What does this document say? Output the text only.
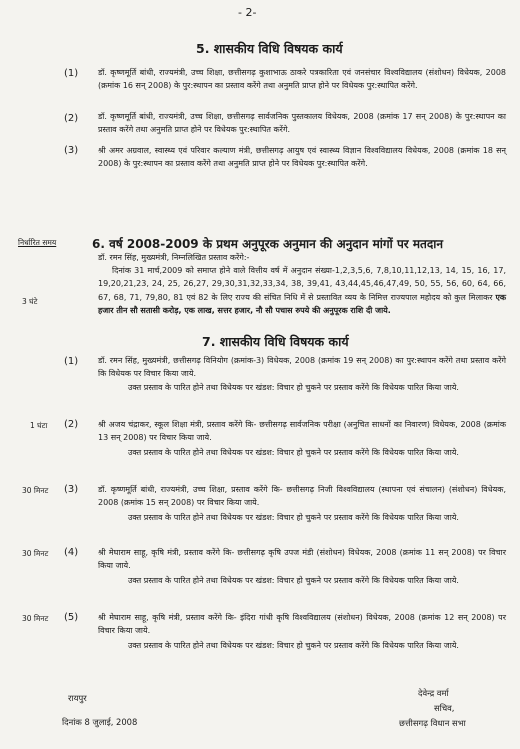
- 2-
5. शासकीय विधि विषयक कार्य
(1) डॉ. कृष्णमूर्ति बांधी, राज्यमंत्री, उच्च शिक्षा, छत्तीसगढ़ कुशाभाऊ ठाकरे पत्रकारिता एवं जनसंचार विश्वविद्यालय (संशोधन) विधेयक, 2008 (क्रमांक 16 सन् 2008) के पुर:स्थापन का प्रस्ताव करेंगे तथा अनुमति प्राप्त होने पर विधेयक पुर:स्थापित करेंगे.
(2) डॉ. कृष्णमूर्ति बांधी, राज्यमंत्री, उच्च शिक्षा, छत्तीसगढ़ सार्वजनिक पुस्तकालय विधेयक, 2008 (क्रमांक 17 सन् 2008) के पुर:स्थापन का प्रस्ताव करेंगे तथा अनुमति प्राप्त होने पर विधेयक पुर:स्थापित करेंगे.
(3) श्री अमर अग्रवाल, स्वास्थ्य एवं परिवार कल्याण मंत्री, छत्तीसगढ़ आयुष एवं स्वास्थ्य विज्ञान विश्वविद्यालय विधेयक, 2008 (क्रमांक 18 सन् 2008) के पुर:स्थापन का प्रस्ताव करेंगे तथा अनुमति प्राप्त होने पर विधेयक पुर:स्थापित करेंगे.
निर्धारित समय	6. वर्ष 2008-2009 के प्रथम अनुपूरक अनुमान की अनुदान मांगों पर मतदान
डॉ. रमन सिंह, मुख्यमंत्री, निम्नलिखित प्रस्ताव करेंगे:-
3 घंटे
दिनांक 31 मार्च,2009 को समाप्त होने वाले वित्तीय वर्ष में अनुदान संख्या-1,2,3,5,6, 7,8,10,11,12,13, 14, 15, 16, 17, 19,20,21,23, 24, 25, 26,27, 29,30,31,32,33,34, 38, 39,41, 43,44,45,46,47,49, 50, 55, 56, 60, 64, 66, 67, 68, 71, 79,80, 81 एवं 82 के लिए राज्य की संचित निधि में से प्रस्तावित व्यय के निमित्त राज्यपाल महोदय को कुल मिलाकर एक हजार तीन सौ सतासी करोड़, एक लाख, सत्तर हजार, नौ सौ पचास रुपये की अनुपूरक राशि दी जाये.
7. शासकीय विधि विषयक कार्य
(1) डॉ. रमन सिंह, मुख्यमंत्री, छत्तीसगढ़ विनियोग (क्रमांक-3) विधेयक, 2008 (क्रमांक 19 सन् 2008) का पुर:स्थापन करेंगे तथा प्रस्ताव करेंगे कि विधेयक पर विचार किया जाये.
उक्त प्रस्ताव के पारित होने तथा विधेयक पर खंडश: विचार हो चुकने पर प्रस्ताव करेंगे कि विधेयक पारित किया जाये.
1 घंटा (2) श्री अजय चंद्राकर, स्कूल शिक्षा मंत्री, प्रस्ताव करेंगे कि- छत्तीसगढ़ सार्वजनिक परीक्षा (अनुचित साधनों का निवारण) विधेयक, 2008 (क्रमांक 13 सन् 2008) पर विचार किया जाये.
उक्त प्रस्ताव के पारित होने तथा विधेयक पर खंडश: विचार हो चुकने पर प्रस्ताव करेंगे कि विधेयक पारित किया जाये.
30 मिनट (3) डॉ. कृष्णमूर्ति बांधी, राज्यमंत्री, उच्च शिक्षा, प्रस्ताव करेंगे कि- छत्तीसगढ़ निजी विश्वविद्यालय (स्थापना एवं संचालन) (संशोधन) विधेयक, 2008 (क्रमांक 15 सन् 2008) पर विचार किया जाये.
उक्त प्रस्ताव के पारित होने तथा विधेयक पर खंडश: विचार हो चुकने पर प्रस्ताव करेंगे कि विधेयक पारित किया जाये.
30 मिनट (4) श्री मेघाराम साहू, कृषि मंत्री, प्रस्ताव करेंगे कि- छत्तीसगढ़ कृषि उपज मंडी (संशोधन) विधेयक, 2008 (क्रमांक 11 सन् 2008) पर विचार किया जाये.
उक्त प्रस्ताव के पारित होने तथा विधेयक पर खंडश: विचार हो चुकने पर प्रस्ताव करेंगे कि विधेयक पारित किया जाये.
30 मिनट (5) श्री मेघाराम साहू, कृषि मंत्री, प्रस्ताव करेंगे कि- इंदिरा गांधी कृषि विश्वविद्यालय (संशोधन) विधेयक, 2008 (क्रमांक 12 सन् 2008) पर विचार किया जाये.
उक्त प्रस्ताव के पारित होने तथा विधेयक पर खंडश: विचार हो चुकने पर प्रस्ताव करेंगे कि विधेयक पारित किया जाये.
रायपुर
दिनांक 8 जुलाई, 2008
देवेन्द्र वर्मा
सचिव,
छत्तीसगढ़ विधान सभा
